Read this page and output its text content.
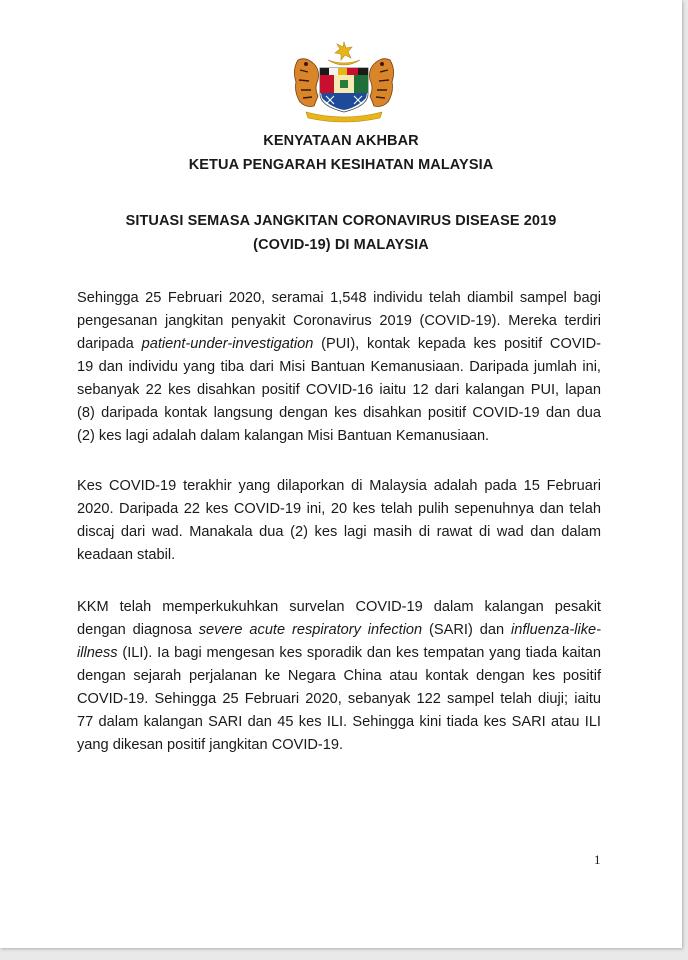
KENYATAAN AKHBAR
KETUA PENGARAH KESIHATAN MALAYSIA
SITUASI SEMASA JANGKITAN CORONAVIRUS DISEASE 2019
(COVID-19) DI MALAYSIA
Sehingga 25 Februari 2020, seramai 1,548 individu telah diambil sampel bagi
pengesanan jangkitan penyakit Coronavirus 2019 (COVID-19). Mereka terdiri
daripada patient-under-investigation (PUI), kontak kepada kes positif COVID-
19 dan individu yang tiba dari Misi Bantuan Kemanusiaan. Daripada jumlah ini,
sebanyak 22 kes disahkan positif COVID-16 iaitu 12 dari kalangan PUI, lapan
(8) daripada kontak langsung dengan kes disahkan positif COVID-19 dan dua
(2) kes lagi adalah dalam kalangan Misi Bantuan Kemanusiaan.
Kes COVID-19 terakhir yang dilaporkan di Malaysia adalah pada 15 Februari
2020. Daripada 22 kes COVID-19 ini, 20 kes telah pulih sepenuhnya dan telah
discaj dari wad. Manakala dua (2) kes lagi masih di rawat di wad dan dalam
keadaan stabil.
KKM telah memperkukuhkan survelan COVID-19 dalam kalangan pesakit
dengan diagnosa severe acute respiratory infection (SARI) dan influenza-like-
illness (ILI). Ia bagi mengesan kes sporadik dan kes tempatan yang tiada kaitan
dengan sejarah perjalanan ke Negara China atau kontak dengan kes positif
COVID-19. Sehingga 25 Februari 2020, sebanyak 122 sampel telah diuji; iaitu
77 dalam kalangan SARI dan 45 kes ILI. Sehingga kini tiada kes SARI atau ILI
yang dikesan positif jangkitan COVID-19.
1
